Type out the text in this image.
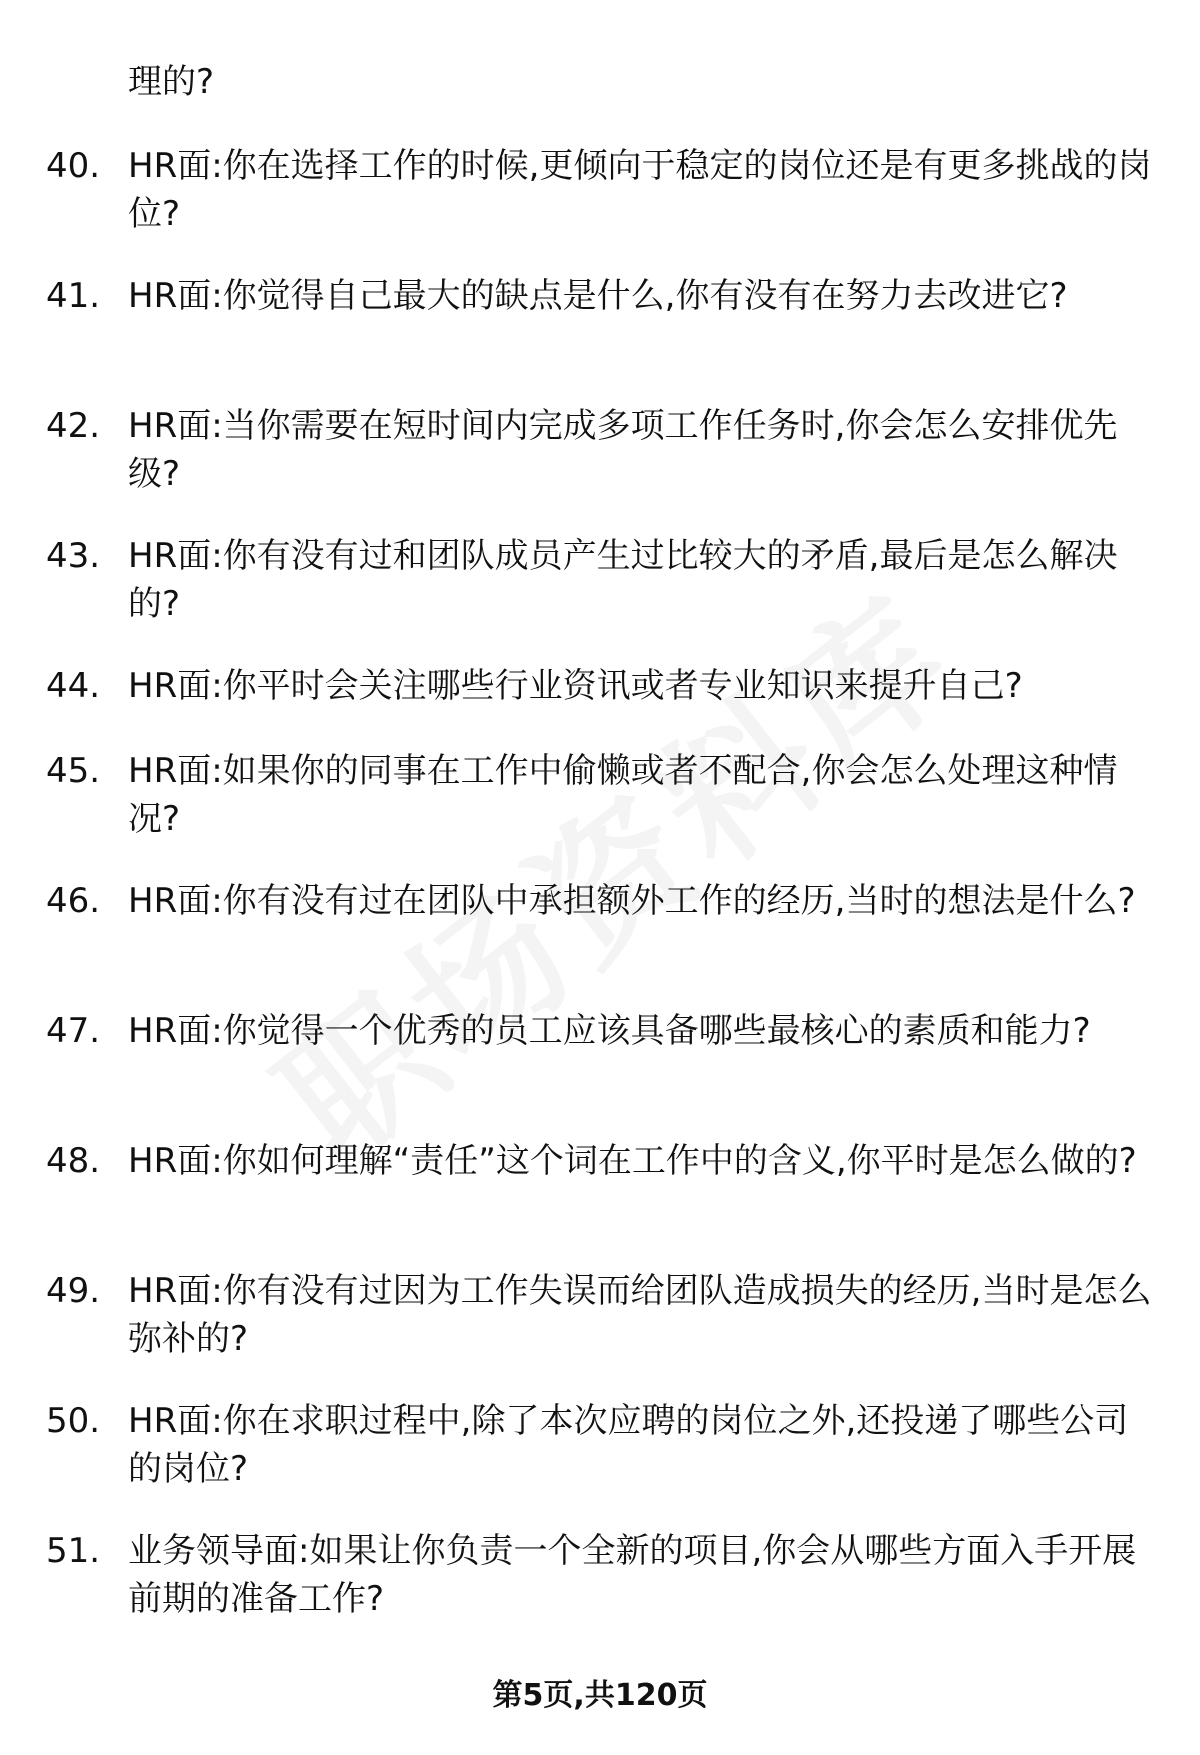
理的?
40. HR面:你在选择工作的时候,更倾向于稳定的岗位还是有更多挑战的岗位?
41. HR面:你觉得自己最大的缺点是什么,你有没有在努力去改进它?
42. HR面:当你需要在短时间内完成多项工作任务时,你会怎么安排优先级?
43. HR面:你有没有过和团队成员产生过比较大的矛盾,最后是怎么解决的?
44. HR面:你平时会关注哪些行业资讯或者专业知识来提升自己?
45. HR面:如果你的同事在工作中偷懒或者不配合,你会怎么处理这种情况?
46. HR面:你有没有过在团队中承担额外工作的经历,当时的想法是什么?
47. HR面:你觉得一个优秀的员工应该具备哪些最核心的素质和能力?
48. HR面:你如何理解“责任”这个词在工作中的含义,你平时是怎么做的?
49. HR面:你有没有过因为工作失误而给团队造成损失的经历,当时是怎么弥补的?
50. HR面:你在求职过程中,除了本次应聘的岗位之外,还投递了哪些公司的岗位?
51. 业务领导面:如果让你负责一个全新的项目,你会从哪些方面入手开展前期的准备工作?
第5页,共120页
